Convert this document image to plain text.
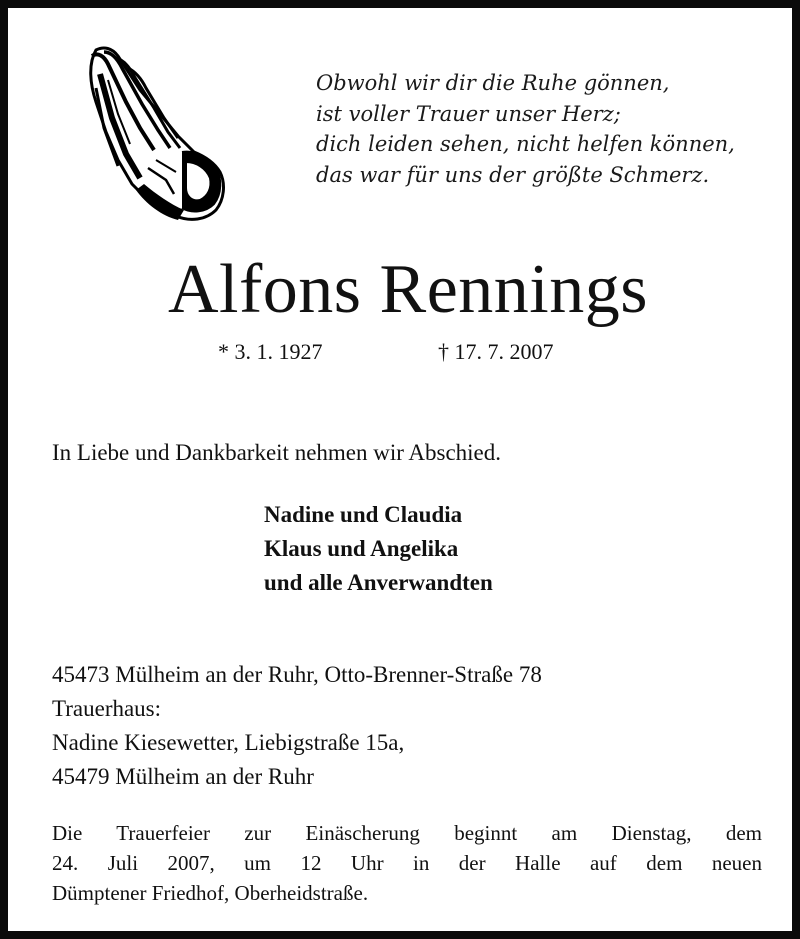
Obwohl wir dir die Ruhe gönnen,
ist voller Trauer unser Herz;
dich leiden sehen, nicht helfen können,
das war für uns der größte Schmerz.
Alfons Rennings
* 3. 1. 1927	† 17. 7. 2007
In Liebe und Dankbarkeit nehmen wir Abschied.
Nadine und Claudia
Klaus und Angelika
und alle Anverwandten
45473 Mülheim an der Ruhr, Otto-Brenner-Straße 78
Trauerhaus:
Nadine Kiesewetter, Liebigstraße 15a,
45479 Mülheim an der Ruhr
Die Trauerfeier zur Einäscherung beginnt am Dienstag, dem
24. Juli 2007, um 12 Uhr in der Halle auf dem neuen
Dümptener Friedhof, Oberheidstraße.
